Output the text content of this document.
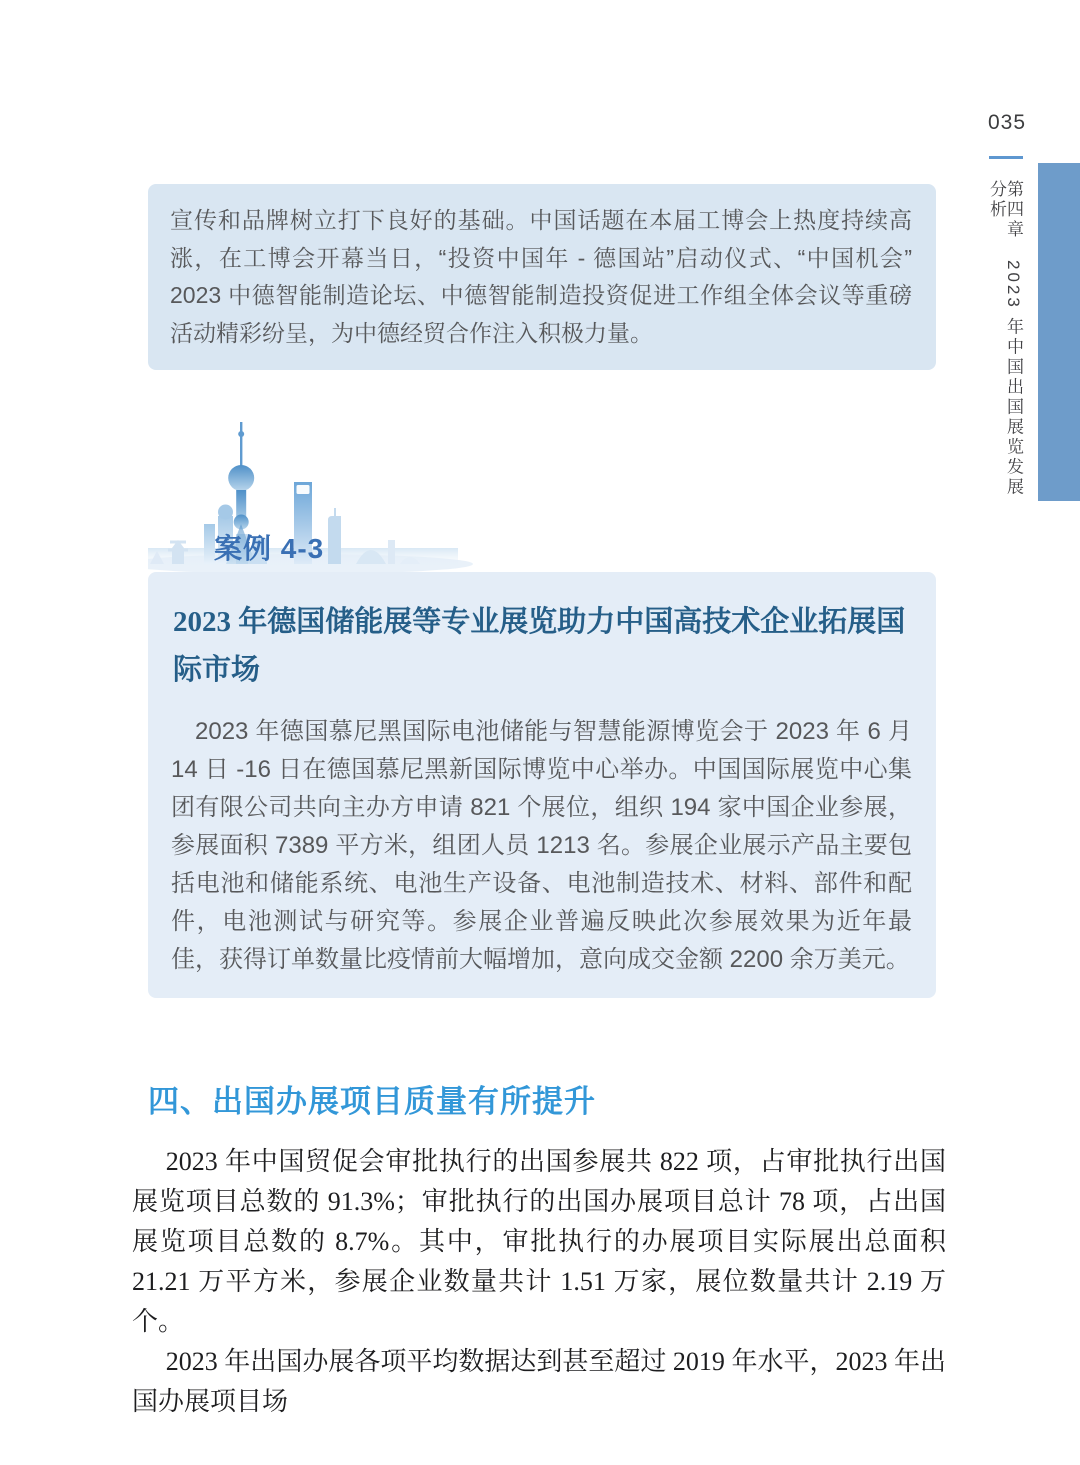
035
第四章　2023 年中国出国展览发展分析

宣传和品牌树立打下良好的基础。中国话题在本届工博会上热度持续高涨，在工博会开幕当日，“投资中国年 - 德国站”启动仪式、“中国机会”2023 中德智能制造论坛、中德智能制造投资促进工作组全体会议等重磅活动精彩纷呈，为中德经贸合作注入积极力量。

案例 4-3
2023 年德国储能展等专业展览助力中国高技术企业拓展国际市场

2023 年德国慕尼黑国际电池储能与智慧能源博览会于 2023 年 6 月 14 日 -16 日在德国慕尼黑新国际博览中心举办。中国国际展览中心集团有限公司共向主办方申请 821 个展位，组织 194 家中国企业参展，参展面积 7389 平方米，组团人员 1213 名。参展企业展示产品主要包括电池和储能系统、电池生产设备、电池制造技术、材料、部件和配件，电池测试与研究等。参展企业普遍反映此次参展效果为近年最佳，获得订单数量比疫情前大幅增加，意向成交金额 2200 余万美元。

四、出国办展项目质量有所提升

2023 年中国贸促会审批执行的出国参展共 822 项，占审批执行出国展览项目总数的 91.3%；审批执行的出国办展项目总计 78 项，占出国展览项目总数的 8.7%。其中，审批执行的办展项目实际展出总面积 21.21 万平方米，参展企业数量共计 1.51 万家，展位数量共计 2.19 万个。

2023 年出国办展各项平均数据达到甚至超过 2019 年水平，2023 年出国办展项目场
